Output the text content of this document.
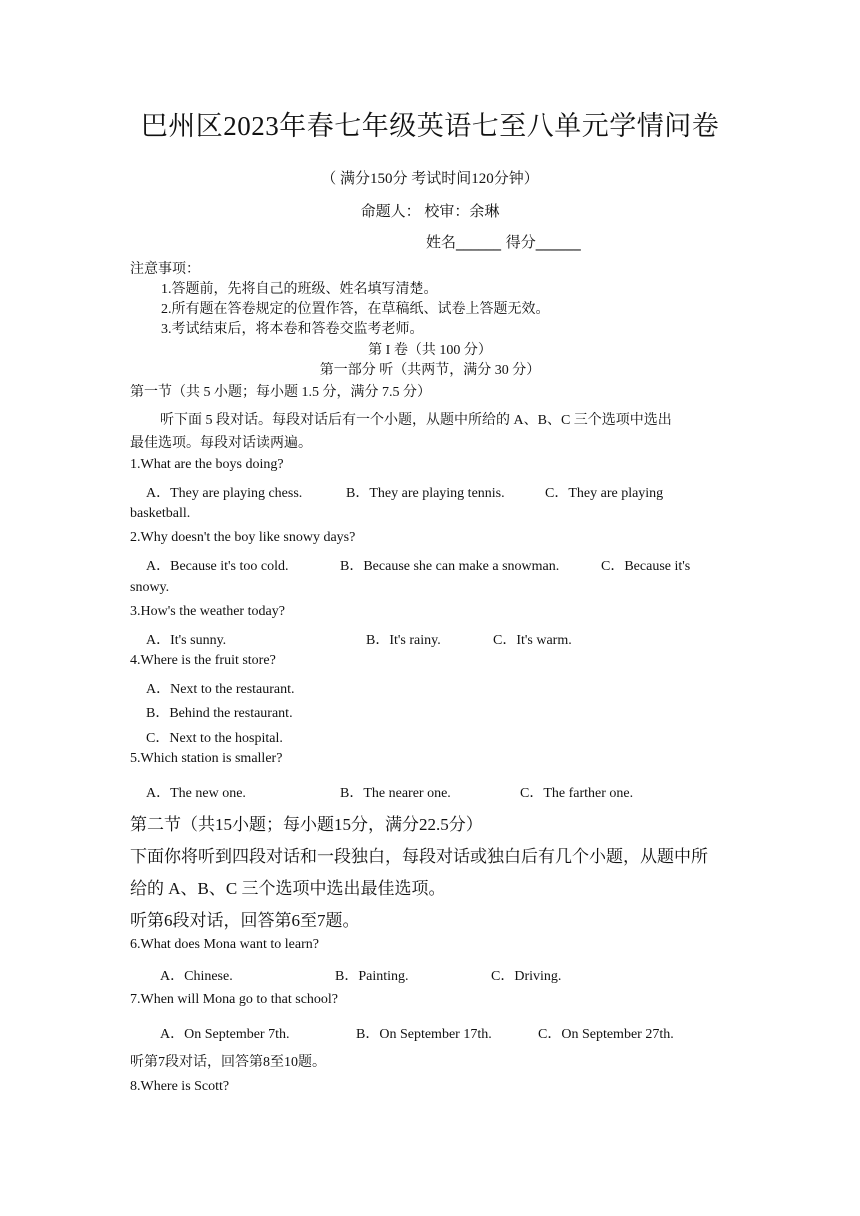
巴州区2023年春七年级英语七至八单元学情问卷
（ 满分150分 考试时间120分钟）
命题人： 校审：余琳
姓名______ 得分______
注意事项：
1.答题前，先将自己的班级、姓名填写清楚。
2.所有题在答卷规定的位置作答，在草稿纸、试卷上答题无效。
3.考试结束后，将本卷和答卷交监考老师。
第 I 卷（共 100 分）
第一部分 听（共两节，满分 30 分）
第一节（共 5 小题；每小题 1.5 分，满分 7.5 分）
听下面 5 段对话。每段对话后有一个小题，从题中所给的 A、B、C 三个选项中选出
最佳选项。每段对话读两遍。
1.What are the boys doing?
A．They are playing chess.	B．They are playing tennis.	C．They are playing
basketball.
2.Why doesn't the boy like snowy days?
A．Because it's too cold.	B．Because she can make a snowman.	C．Because it's
snowy.
3.How's the weather today?
A．It's sunny.	B．It's rainy.	C．It's warm.
4.Where is the fruit store?
A．Next to the restaurant.
B．Behind the restaurant.
C．Next to the hospital.
5.Which station is smaller?
A．The new one.	B．The nearer one.	C．The farther one.
第二节（共15小题；每小题15分，满分22.5分）
下面你将听到四段对话和一段独白，每段对话或独白后有几个小题，从题中所
给的 A、B、C 三个选项中选出最佳选项。
听第6段对话，回答第6至7题。
6.What does Mona want to learn?
A．Chinese.	B．Painting.	C．Driving.
7.When will Mona go to that school?
A．On September 7th.	B．On September 17th.	C．On September 27th.
听第7段对话，回答第8至10题。
8.Where is Scott?
